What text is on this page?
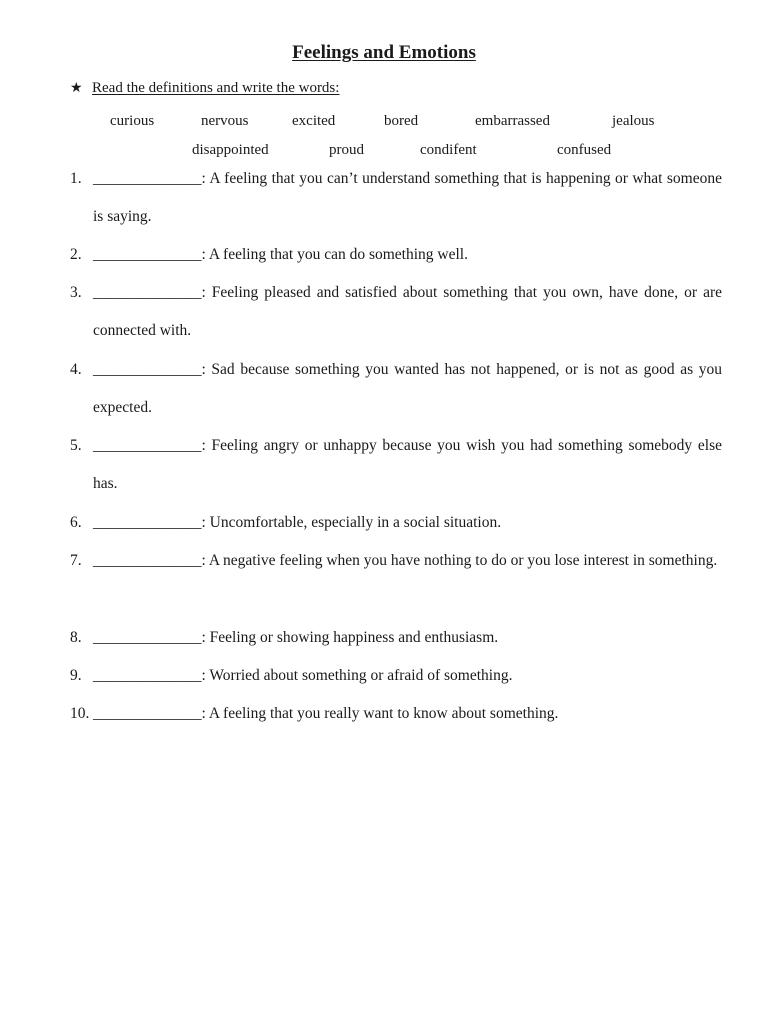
Feelings and Emotions
★ Read the definitions and write the words:
curious	nervous	excited	bored	embarrassed	jealous
disappointed	proud	condifent	confused
1. ______________: A feeling that you can’t understand something that is happening or what someone is saying.
2. ______________: A feeling that you can do something well.
3. ______________: Feeling pleased and satisfied about something that you own, have done, or are connected with.
4. ______________: Sad because something you wanted has not happened, or is not as good as you expected.
5. ______________: Feeling angry or unhappy because you wish you had something somebody else has.
6. ______________: Uncomfortable, especially in a social situation.
7. ______________: A negative feeling when you have nothing to do or you lose interest in something.
8. ______________: Feeling or showing happiness and enthusiasm.
9. ______________: Worried about something or afraid of something.
10. ______________: A feeling that you really want to know about something.
